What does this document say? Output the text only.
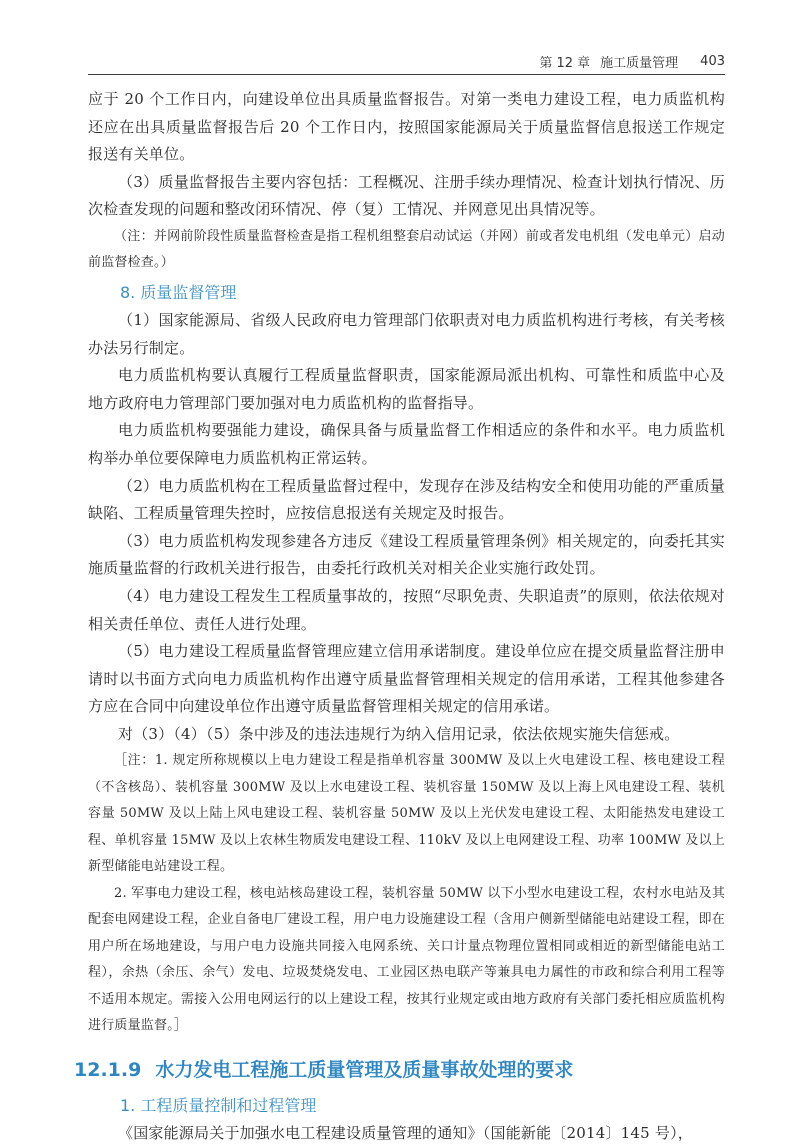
第 12 章 施工质量管理 403

应于 20 个工作日内，向建设单位出具质量监督报告。对第一类电力建设工程，电力质监机构还应在出具质量监督报告后 20 个工作日内，按照国家能源局关于质量监督信息报送工作规定报送有关单位。

（3）质量监督报告主要内容包括：工程概况、注册手续办理情况、检查计划执行情况、历次检查发现的问题和整改闭环情况、停（复）工情况、并网意见出具情况等。

（注：并网前阶段性质量监督检查是指工程机组整套启动试运（并网）前或者发电机组（发电单元）启动前监督检查。）

8. 质量监督管理

（1）国家能源局、省级人民政府电力管理部门依职责对电力质监机构进行考核，有关考核办法另行制定。

电力质监机构要认真履行工程质量监督职责，国家能源局派出机构、可靠性和质监中心及地方政府电力管理部门要加强对电力质监机构的监督指导。

电力质监机构要强能力建设，确保具备与质量监督工作相适应的条件和水平。电力质监机构举办单位要保障电力质监机构正常运转。

（2）电力质监机构在工程质量监督过程中，发现存在涉及结构安全和使用功能的严重质量缺陷、工程质量管理失控时，应按信息报送有关规定及时报告。

（3）电力质监机构发现参建各方违反《建设工程质量管理条例》相关规定的，向委托其实施质量监督的行政机关进行报告，由委托行政机关对相关企业实施行政处罚。

（4）电力建设工程发生工程质量事故的，按照“尽职免责、失职追责”的原则，依法依规对相关责任单位、责任人进行处理。

（5）电力建设工程质量监督管理应建立信用承诺制度。建设单位应在提交质量监督注册申请时以书面方式向电力质监机构作出遵守质量监督管理相关规定的信用承诺，工程其他参建各方应在合同中向建设单位作出遵守质量监督管理相关规定的信用承诺。

对（3）（4）（5）条中涉及的违法违规行为纳入信用记录，依法依规实施失信惩戒。

［注：1. 规定所称规模以上电力建设工程是指单机容量 300MW 及以上火电建设工程、核电建设工程（不含核岛）、装机容量 300MW 及以上水电建设工程、装机容量 150MW 及以上海上风电建设工程、装机容量 50MW 及以上陆上风电建设工程、装机容量 50MW 及以上光伏发电建设工程、太阳能热发电建设工程、单机容量 15MW 及以上农林生物质发电建设工程、110kV 及以上电网建设工程、功率 100MW 及以上新型储能电站建设工程。

2. 军事电力建设工程，核电站核岛建设工程，装机容量 50MW 以下小型水电建设工程，农村水电站及其配套电网建设工程，企业自备电厂建设工程，用户电力设施建设工程（含用户侧新型储能电站建设工程，即在用户所在场地建设，与用户电力设施共同接入电网系统、关口计量点物理位置相同或相近的新型储能电站工程），余热（余压、余气）发电、垃圾焚烧发电、工业园区热电联产等兼具电力属性的市政和综合利用工程等不适用本规定。需接入公用电网运行的以上建设工程，按其行业规定或由地方政府有关部门委托相应质监机构进行质量监督。］

12.1.9 水力发电工程施工质量管理及质量事故处理的要求
1. 工程质量控制和过程管理

《国家能源局关于加强水电工程建设质量管理的通知》（国能新能〔2014〕145 号），
